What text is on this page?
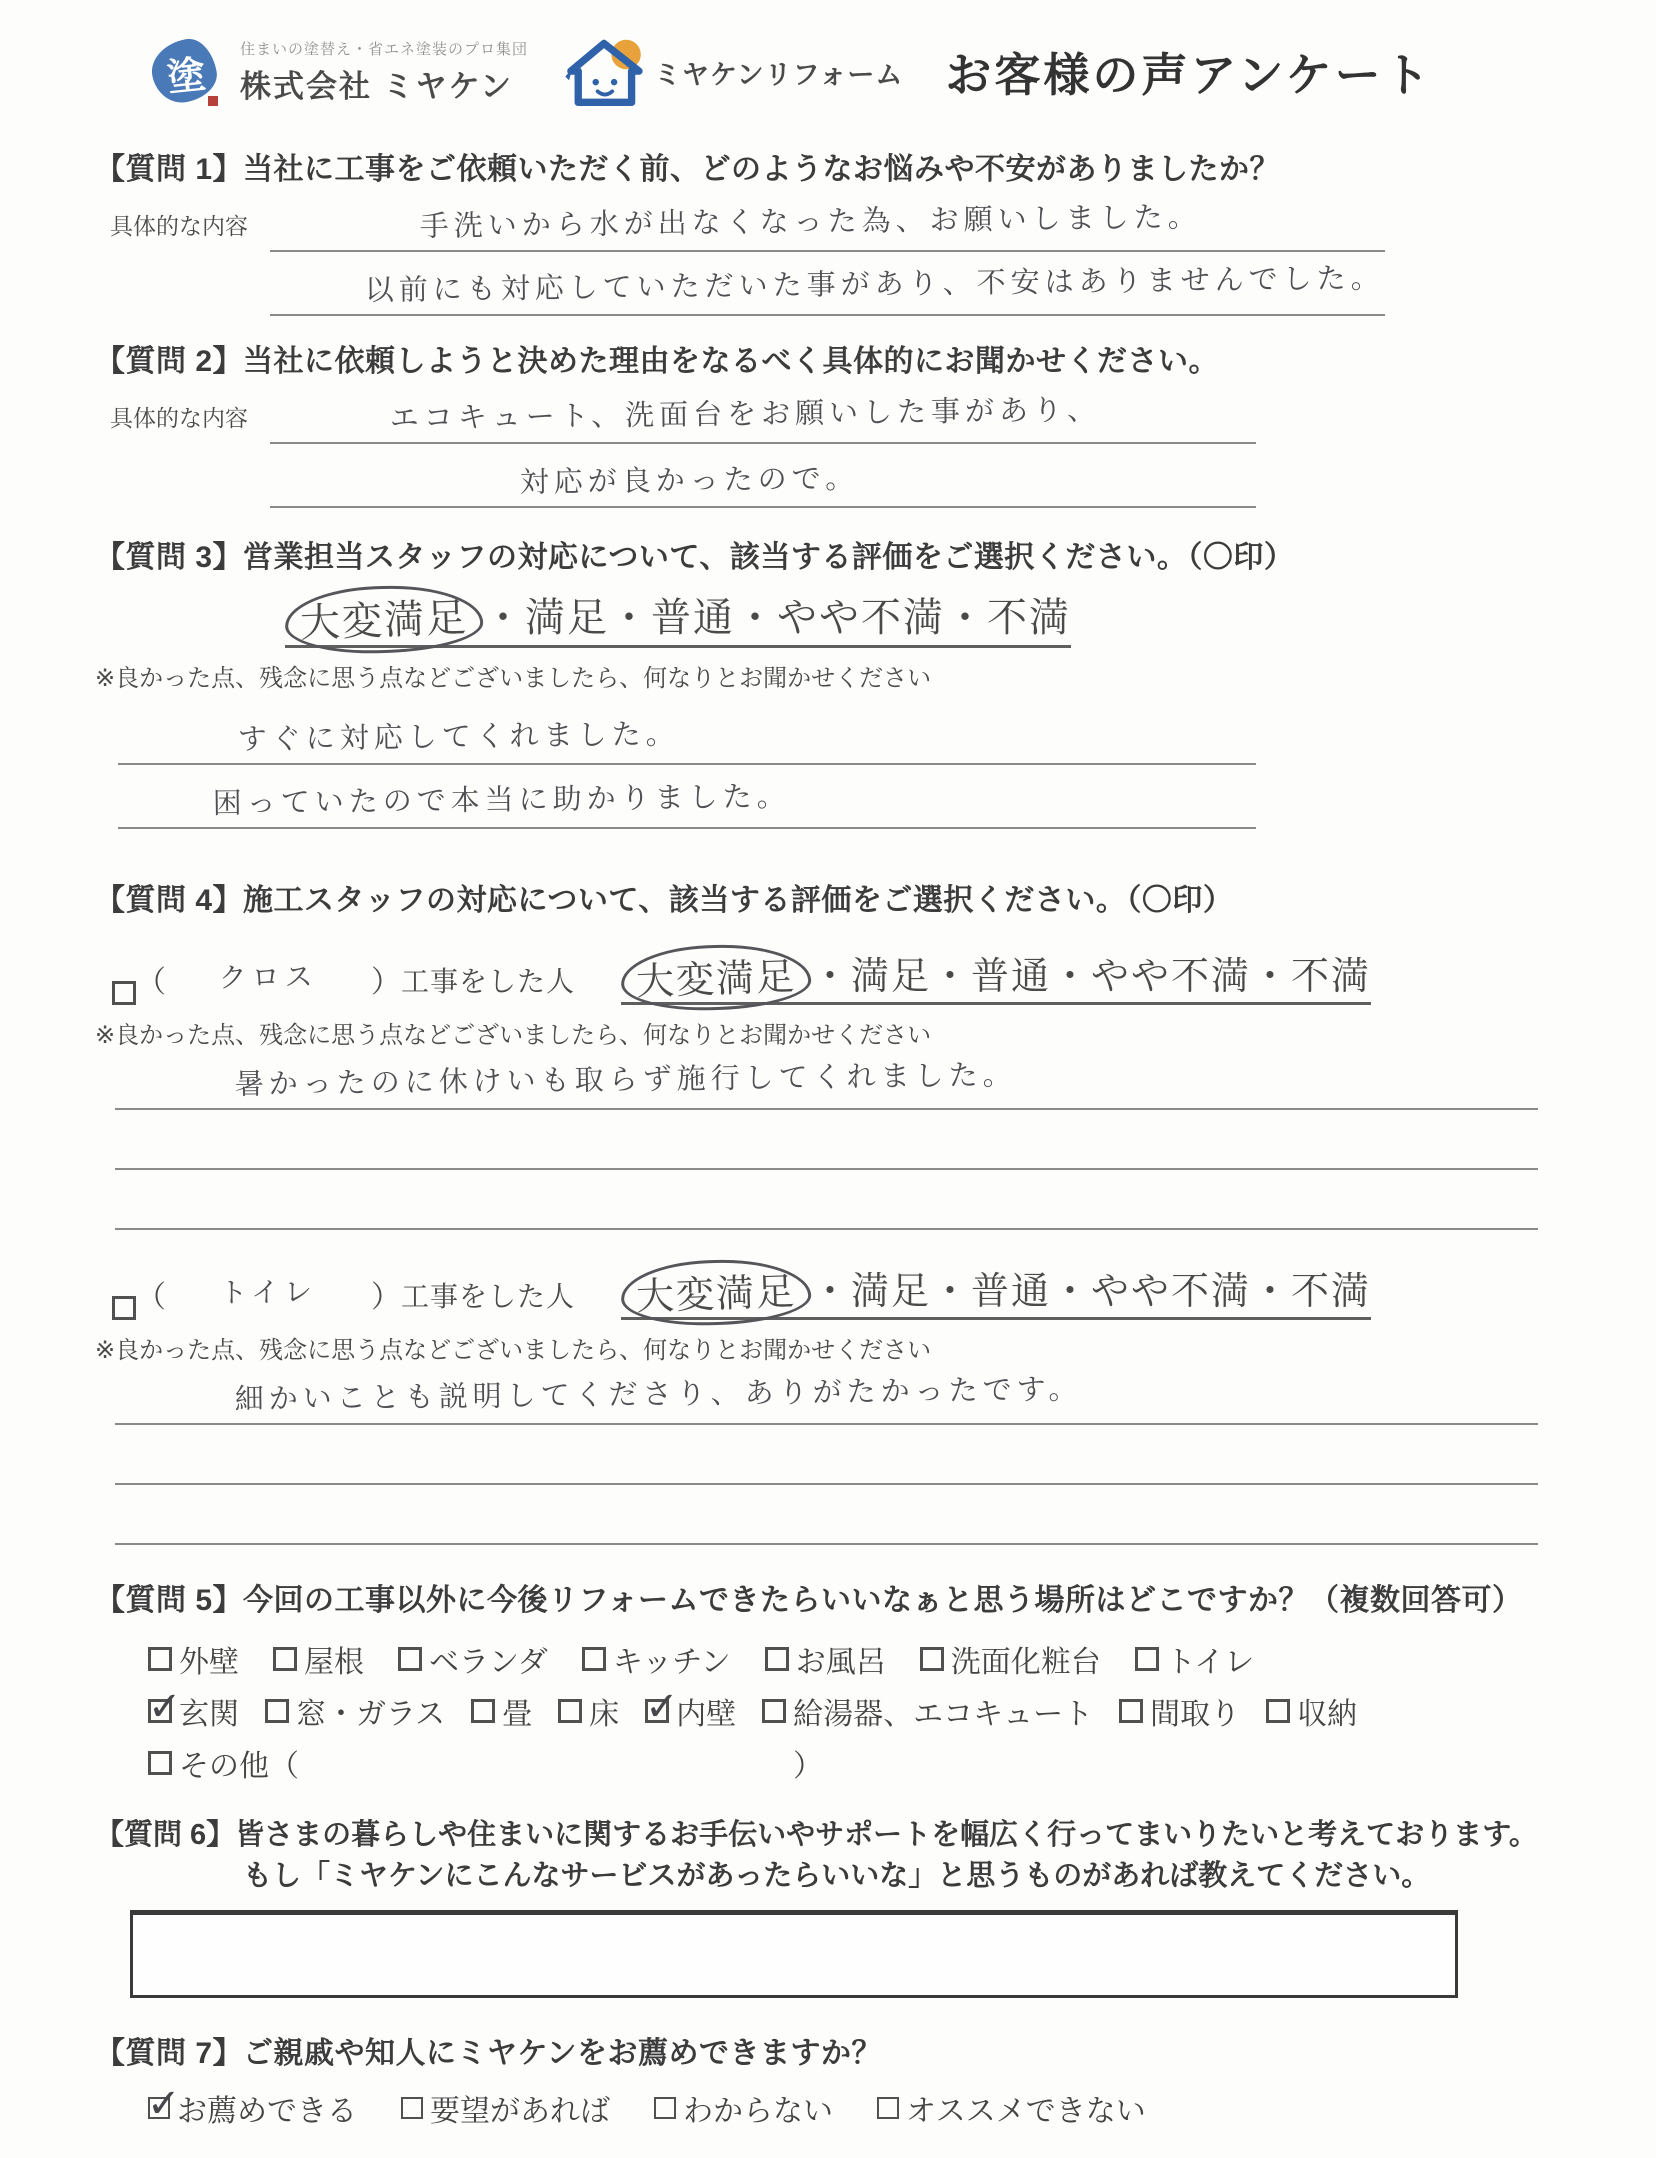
塗
住まいの塗替え・省エネ塗装のプロ集団
株式会社 ミヤケン	ミヤケンリフォーム お客様の声アンケート
【質問 1】当社に工事をご依頼いただく前、どのようなお悩みや不安がありましたか？
具体的な内容	手洗いから水が出なくなった為、お願いしました。
以前にも対応していただいた事があり、不安はありませんでした。
【質問 2】当社に依頼しようと決めた理由をなるべく具体的にお聞かせください。
具体的な内容	エコキュート、洗面台をお願いした事があり、
対応が良かったので。
【質問 3】営業担当スタッフの対応について、該当する評価をご選択ください。（〇印）
大変満足 ・満足・普通・やや不満・不満
※良かった点、残念に思う点などございましたら、何なりとお聞かせください
すぐに対応してくれました。
困っていたので本当に助かりました。
【質問 4】施工スタッフの対応について、該当する評価をご選択ください。（〇印）
（	クロス	） 工事をした人	大変満足 ・満足・普通・やや不満・不満
※良かった点、残念に思う点などございましたら、何なりとお聞かせください
暑かったのに休けいも取らず施行してくれました。
（	トイレ	） 工事をした人	大変満足 ・満足・普通・やや不満・不満
※良かった点、残念に思う点などございましたら、何なりとお聞かせください
細かいことも説明してくださり、ありがたかったです。
【質問 5】今回の工事以外に今後リフォームできたらいいなぁと思う場所はどこですか？（複数回答可）
外壁 屋根 ベランダ キッチン お風呂 洗面化粧台 トイレ
✓
玄関 窓・ガラス 畳 床 ✓ 内壁 給湯器、エコキュート 間取り 収納
その他（	）
【質問 6】皆さまの暮らしや住まいに関するお手伝いやサポートを幅広く行ってまいりたいと考えております。
もし「ミヤケンにこんなサービスがあったらいいな」と思うものがあれば教えてください。
【質問 7】ご親戚や知人にミヤケンをお薦めできますか？
✓
お薦めできる 要望があれば わからない オススメできない
